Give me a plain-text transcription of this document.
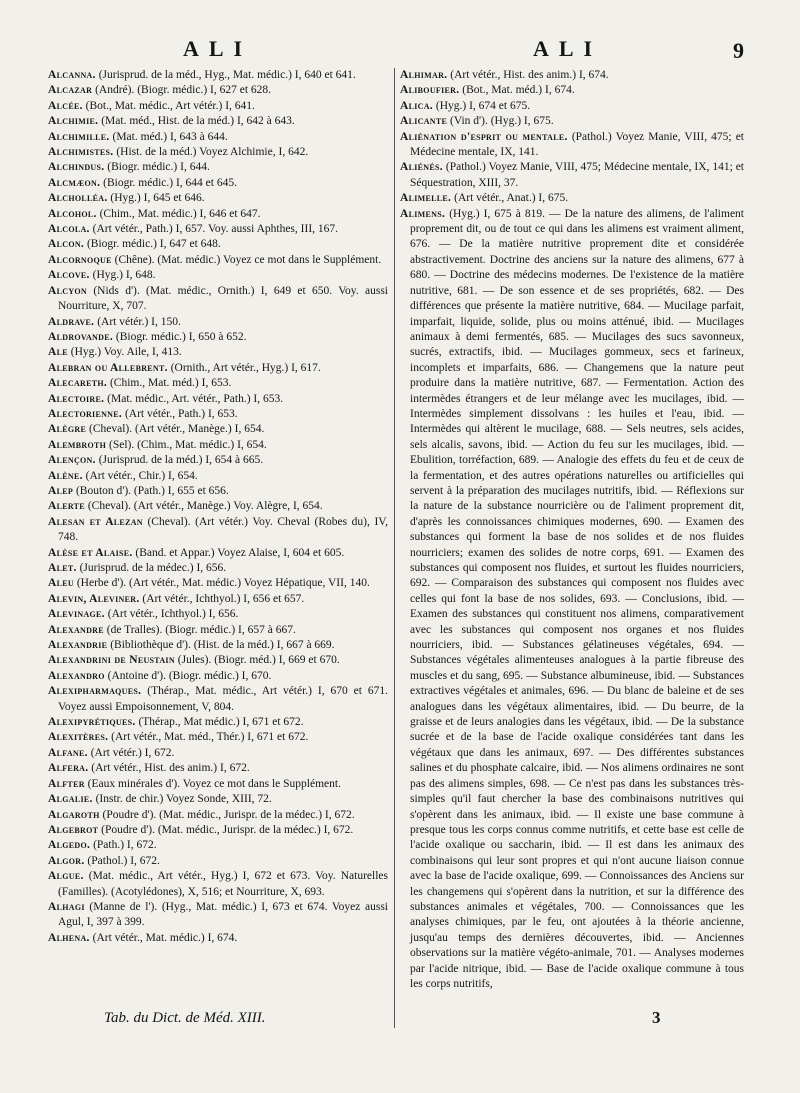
ALI	ALI	9

Alcanna. (Jurisprud. de la méd., Hyg., Mat. médic.) I, 640 et 641.

Alcazar (André). (Biogr. médic.) I, 627 et 628.

Alcée. (Bot., Mat. médic., Art vétér.) I, 641.

Alchimie. (Mat. méd., Hist. de la méd.) I, 642 à 643.

Alchimille. (Mat. méd.) I, 643 à 644.

Alchimistes. (Hist. de la méd.) Voyez Alchimie, I, 642.

Alchindus. (Biogr. médic.) I, 644.

Alcmæon. (Biogr. médic.) I, 644 et 645.

Alcholléa. (Hyg.) I, 645 et 646.

Alcohol. (Chim., Mat. médic.) I, 646 et 647.

Alcola. (Art vétér., Path.) I, 657. Voy. aussi Aphthes, III, 167.

Alcon. (Biogr. médic.) I, 647 et 648.

Alcornoque (Chêne). (Mat. médic.) Voyez ce mot dans le Supplément.

Alcove. (Hyg.) I, 648.

Alcyon (Nids d'). (Mat. médic., Ornith.) I, 649 et 650. Voy. aussi Nourriture, X, 707.

Aldrave. (Art vétér.) I, 150.

Aldrovande. (Biogr. médic.) I, 650 à 652.

Ale (Hyg.) Voy. Aile, I, 413.

Alebran ou Allebrent. (Ornith., Art vétér., Hyg.) I, 617.

Alecareth. (Chim., Mat. méd.) I, 653.

Alectoire. (Mat. médic., Art. vétér., Path.) I, 653.

Alectorienne. (Art vétér., Path.) I, 653.

Alègre (Cheval). (Art vétér., Manège.) I, 654.

Alembroth (Sel). (Chim., Mat. médic.) I, 654.

Alençon. (Jurisprud. de la méd.) I, 654 à 665.

Alène. (Art vétér., Chir.) I, 654.

Alep (Bouton d'). (Path.) I, 655 et 656.

Alerte (Cheval). (Art vétér., Manège.) Voy. Alègre, I, 654.

Alesan et Alezan (Cheval). (Art vétér.) Voy. Cheval (Robes du), IV, 748.

Alèse et Alaise. (Band. et Appar.) Voyez Alaise, I, 604 et 605.

Alet. (Jurisprud. de la médec.) I, 656.

Aleu (Herbe d'). (Art vétér., Mat. médic.) Voyez Hépatique, VII, 140.

Alevin, Aleviner. (Art vétér., Ichthyol.) I, 656 et 657.

Alevinage. (Art vétér., Ichthyol.) I, 656.

Alexandre (de Tralles). (Biogr. médic.) I, 657 à 667.

Alexandrie (Bibliothèque d'). (Hist. de la méd.) I, 667 à 669.

Alexandrini de Neustain (Jules). (Biogr. méd.) I, 669 et 670.

Alexandro (Antoine d'). (Biogr. médic.) I, 670.

Alexipharmaques. (Thérap., Mat. médic., Art vétér.) I, 670 et 671. Voyez aussi Empoisonnement, V, 804.

Alexipyrétiques. (Thérap., Mat médic.) I, 671 et 672.

Alexitères. (Art vétér., Mat. méd., Thér.) I, 671 et 672.

Alfane. (Art vétér.) I, 672.

Alfera. (Art vétér., Hist. des anim.) I, 672.

Alfter (Eaux minérales d'). Voyez ce mot dans le Supplément.

Algalie. (Instr. de chir.) Voyez Sonde, XIII, 72.

Algaroth (Poudre d'). (Mat. médic., Jurispr. de la médec.) I, 672.

Algebrot (Poudre d'). (Mat. médic., Jurispr. de la médec.) I, 672.

Algedo. (Path.) I, 672.

Algor. (Pathol.) I, 672.

Algue. (Mat. médic., Art vétér., Hyg.) I, 672 et 673. Voy. Naturelles (Familles). (Acotylédones), X, 516; et Nourriture, X, 693.

Alhagi (Manne de l'). (Hyg., Mat. médic.) I, 673 et 674. Voyez aussi Agul, I, 397 à 399.

Alhena. (Art vétér., Mat. médic.) I, 674.

Alhimar. (Art vétér., Hist. des anim.) I, 674.

Aliboufier. (Bot., Mat. méd.) I, 674.

Alica. (Hyg.) I, 674 et 675.

Alicante (Vin d'). (Hyg.) I, 675.

Aliénation d'esprit ou mentale. (Pathol.) Voyez Manie, VIII, 475; et Médecine mentale, IX, 141.

Aliénés. (Pathol.) Voyez Manie, VIII, 475; Médecine mentale, IX, 141; et Séquestration, XIII, 37.

Alimelle. (Art vétér., Anat.) I, 675.

Alimens. (Hyg.) I, 675 à 819. — De la nature des alimens, de l'aliment proprement dit, ou de tout ce qui dans les alimens est vraiment aliment, 676. — De la matière nutritive proprement dite et considérée abstractivement. Doctrine des anciens sur la nature des alimens, 677 à 680. — Doctrine des médecins modernes. De l'existence de la matière nutritive, 681. — De son essence et de ses propriétés, 682. — Des différences que présente la matière nutritive, 684. — Mucilage parfait, imparfait, liquide, solide, plus ou moins atténué, ibid. — Mucilages animaux à demi fermentés, 685. — Mucilages des sucs savonneux, sucrés, extractifs, ibid. — Mucilages gommeux, secs et farineux, incomplets et imparfaits, 686. — Changemens que la nature peut produire dans la matière nutritive, 687. — Fermentation. Action des intermèdes étrangers et de leur mélange avec les mucilages, ibid. — Intermèdes simplement dissolvans : les huiles et l'eau, ibid. — Intermèdes qui altèrent le mucilage, 688. — Sels neutres, sels acides, sels alcalis, savons, ibid. — Action du feu sur les mucilages, ibid. — Ebulition, torréfaction, 689. — Analogie des effets du feu et de ceux de la fermentation, et des autres opérations naturelles ou artificielles qui servent à la préparation des mucilages nutritifs, ibid. — Réflexions sur la nature de la substance nourricière ou de l'aliment proprement dit, d'après les connoissances chimiques modernes, 690. — Examen des substances qui forment la base de nos solides et de nos fluides nourriciers; examen des solides de notre corps, 691. — Examen des substances qui composent nos fluides, et surtout les fluides nourriciers, 692. — Comparaison des substances qui composent nos fluides avec celles qui font la base de nos solides, 693. — Conclusions, ibid. — Examen des substances qui constituent nos alimens, comparativement avec les substances qui composent nos organes et nos fluides nourriciers, ibid. — Substances gélatineuses végétales, 694. — Substances végétales alimenteuses analogues à la partie fibreuse des muscles et du sang, 695. — Substance albumineuse, ibid. — Substances extractives végétales et animales, 696. — Du blanc de baleine et de ses analogues dans les végétaux alimentaires, ibid. — Du beurre, de la graisse et de leurs analogies dans les végétaux, ibid. — De la substance sucrée et de la base de l'acide oxalique considérées tant dans les végétaux que dans les animaux, 697. — Des différentes substances salines et du phosphate calcaire, ibid. — Nos alimens ordinaires ne sont pas des alimens simples, 698. — Ce n'est pas dans les substances très-simples qu'il faut chercher la base des combinaisons nutritives qui s'opèrent dans les animaux, ibid. — Il existe une base commune à presque tous les corps connus comme nutritifs, et cette base est celle de l'acide oxalique ou saccharin, ibid. — Il est dans les animaux des combinaisons qui leur sont propres et qui n'ont aucune liaison connue avec la base de l'acide oxalique, 699. — Connoissances des Anciens sur les changemens qui s'opèrent dans la nutrition, et sur la différence des substances animales et végétales, 700. — Connoissances que les analyses chimiques, par le feu, ont ajoutées à la théorie ancienne, jusqu'au temps des dernières découvertes, ibid. — Anciennes observations sur la matière végéto-animale, 701. — Analyses modernes par l'acide nitrique, ibid. — Base de l'acide oxalique commune à tous les corps nutritifs,

Tab. du Dict. de Méd. XIII.	3
